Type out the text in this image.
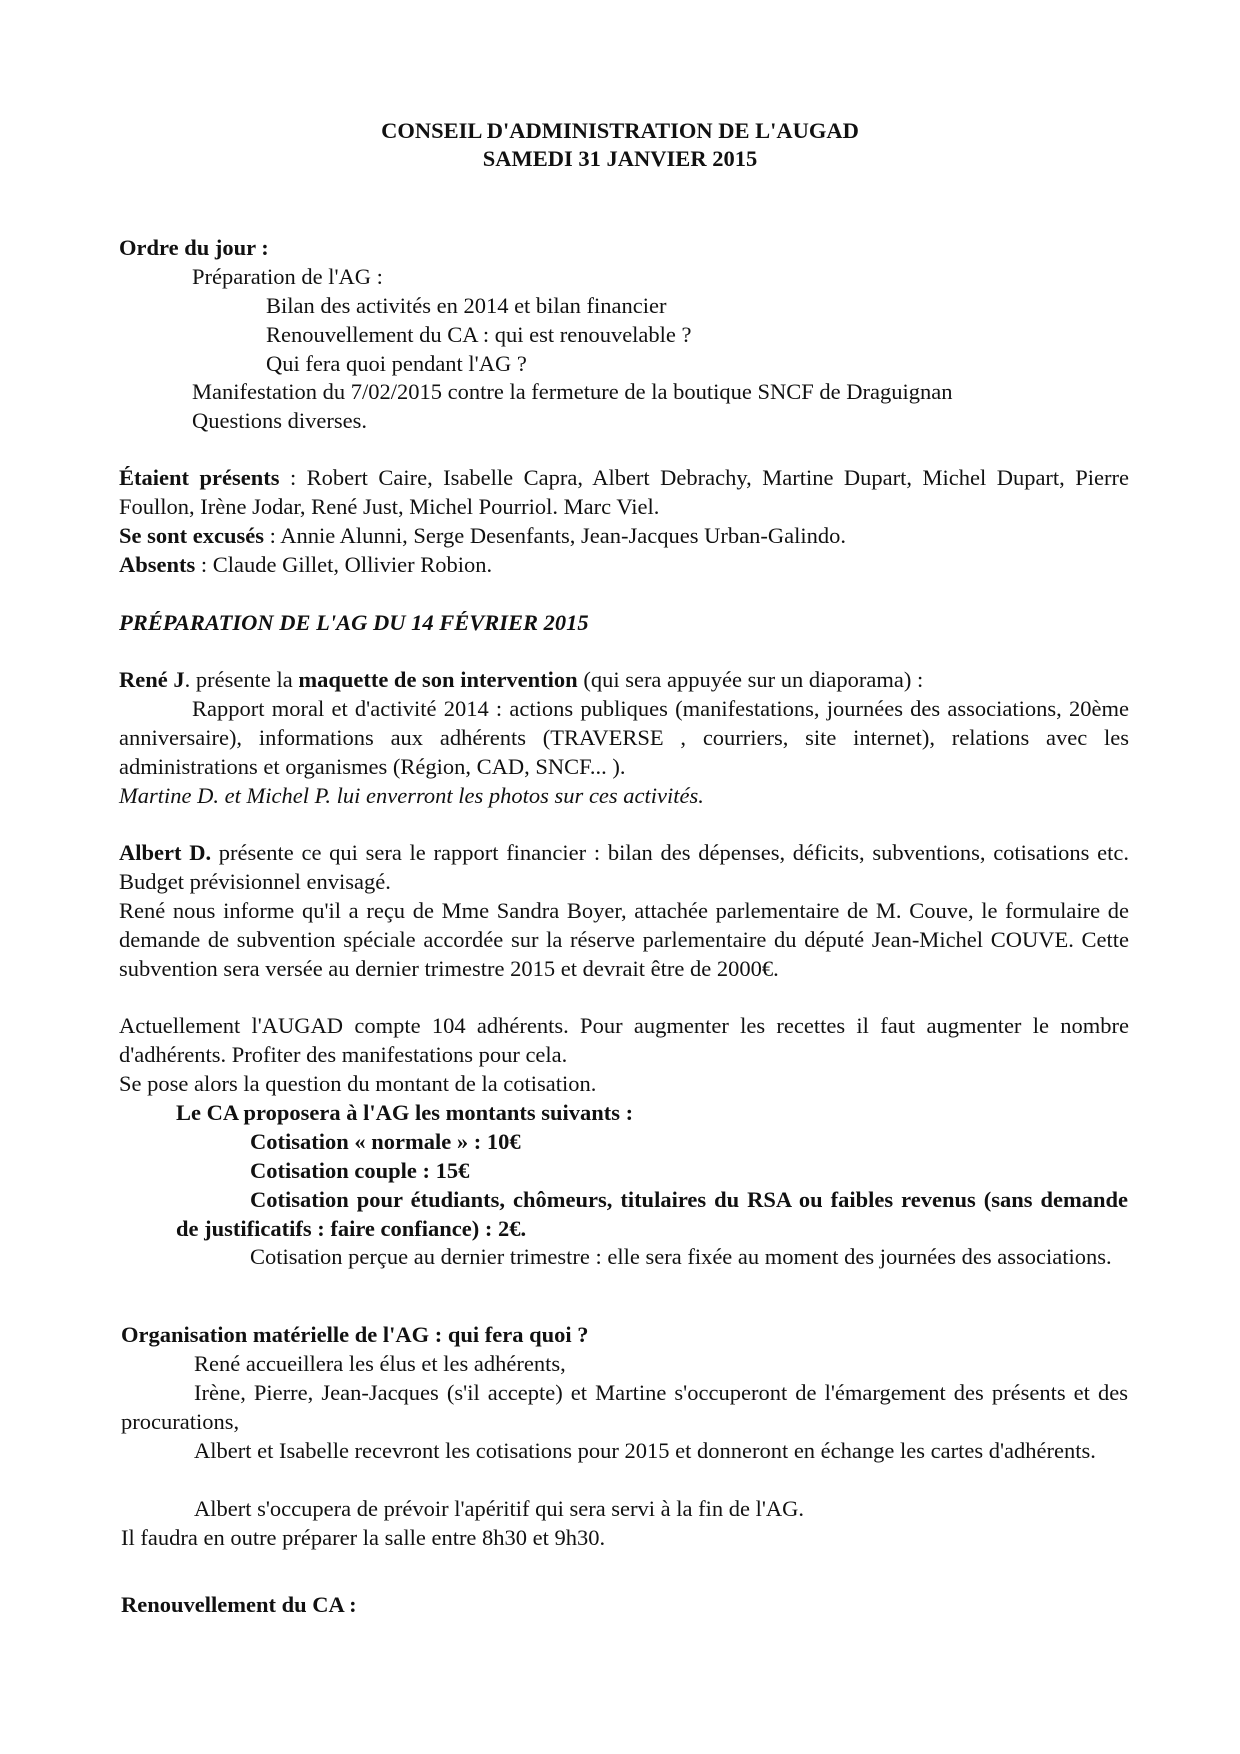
CONSEIL D'ADMINISTRATION DE L'AUGAD
SAMEDI 31 JANVIER 2015
Ordre du jour :
Préparation de l'AG :
Bilan des activités en 2014 et bilan financier
Renouvellement du CA : qui est renouvelable ?
Qui fera quoi pendant l'AG ?
Manifestation du 7/02/2015 contre la fermeture de la boutique SNCF de Draguignan
Questions diverses.
Étaient présents : Robert Caire, Isabelle Capra, Albert Debrachy, Martine Dupart, Michel Dupart, Pierre Foullon, Irène Jodar, René Just, Michel Pourriol. Marc Viel.
Se sont excusés : Annie Alunni, Serge Desenfants, Jean-Jacques Urban-Galindo.
Absents : Claude Gillet, Ollivier Robion.
PRÉPARATION DE L'AG DU 14 FÉVRIER 2015
René J. présente la maquette de son intervention (qui sera appuyée sur un diaporama) :
Rapport moral et d'activité 2014 : actions publiques (manifestations, journées des associations, 20ème anniversaire), informations aux adhérents (TRAVERSE , courriers, site internet), relations avec les administrations et organismes (Région, CAD, SNCF... ).
Martine D. et Michel P. lui enverront les photos sur ces activités.
Albert D. présente ce qui sera le rapport financier : bilan des dépenses, déficits, subventions, cotisations etc. Budget prévisionnel envisagé.
René nous informe qu'il a reçu de Mme Sandra Boyer, attachée parlementaire de M. Couve, le formulaire de demande de subvention spéciale accordée sur la réserve parlementaire du député Jean-Michel COUVE. Cette subvention sera versée au dernier trimestre 2015 et devrait être de 2000€.
Actuellement l'AUGAD compte 104 adhérents. Pour augmenter les recettes il faut augmenter le nombre d'adhérents. Profiter des manifestations pour cela.
Se pose alors la question du montant de la cotisation.
Le CA proposera à l'AG les montants suivants :
Cotisation « normale » : 10€
Cotisation couple : 15€
Cotisation pour étudiants, chômeurs, titulaires du RSA ou faibles revenus (sans demande de justificatifs : faire confiance) : 2€.
Cotisation perçue au dernier trimestre : elle sera fixée au moment des journées des associations.
Organisation matérielle de l'AG : qui fera quoi ?
René accueillera les élus et les adhérents,
Irène, Pierre, Jean-Jacques (s'il accepte) et Martine s'occuperont de l'émargement des présents et des procurations,
Albert et Isabelle recevront les cotisations pour 2015 et donneront en échange les cartes d'adhérents.
Albert s'occupera de prévoir l'apéritif qui sera servi à la fin de l'AG.
Il faudra en outre préparer la salle entre 8h30 et 9h30.
Renouvellement du CA :
